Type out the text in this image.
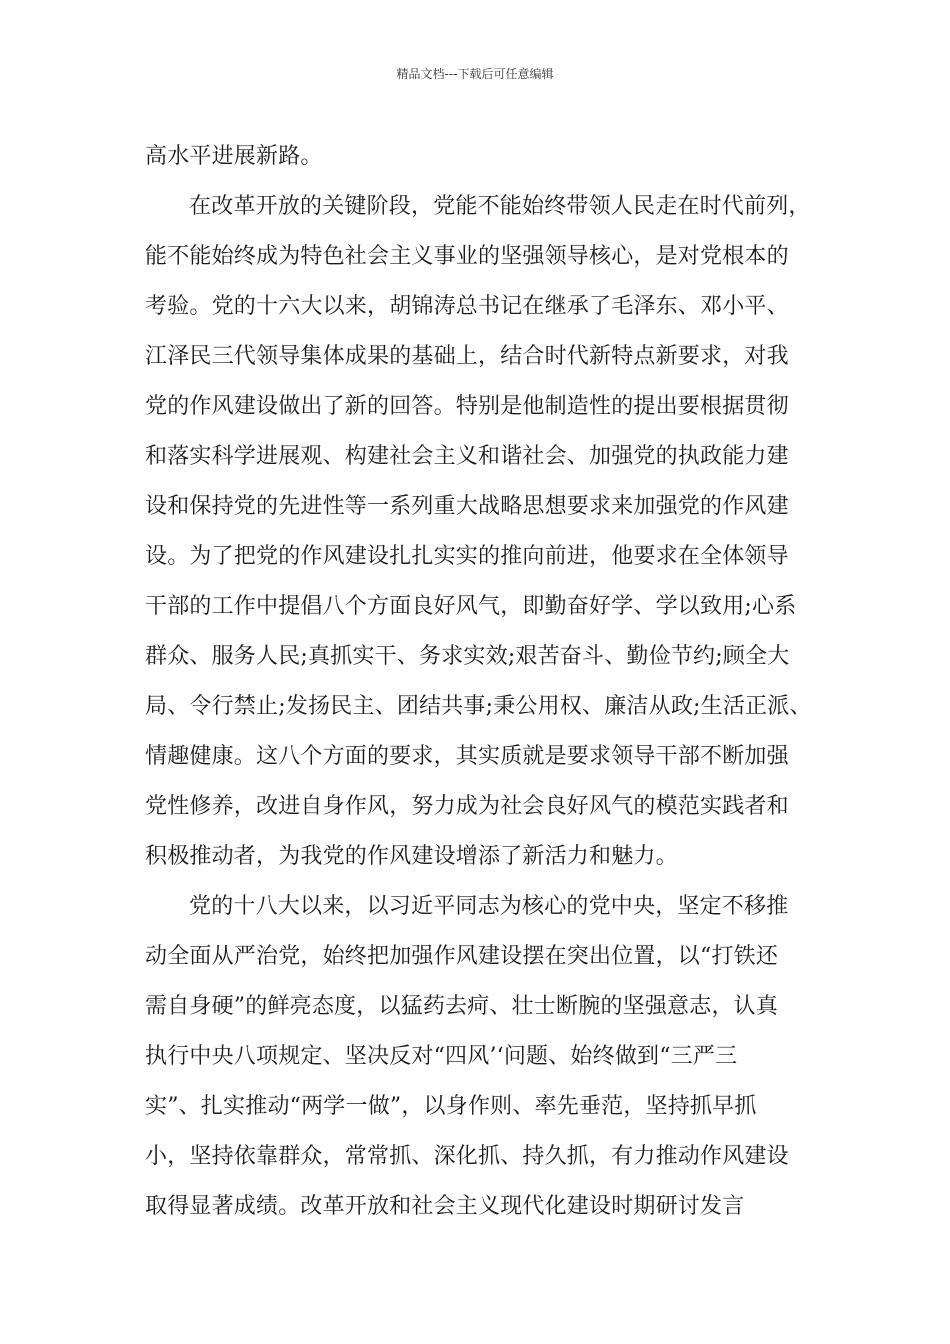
精品文档---下载后可任意编辑
高水平进展新路。
在改革开放的关键阶段，党能不能始终带领人民走在时代前列，
能不能始终成为特色社会主义事业的坚强领导核心，是对党根本的
考验。党的十六大以来，胡锦涛总书记在继承了毛泽东、邓小平、
江泽民三代领导集体成果的基础上，结合时代新特点新要求，对我
党的作风建设做出了新的回答。特别是他制造性的提出要根据贯彻
和落实科学进展观、构建社会主义和谐社会、加强党的执政能力建
设和保持党的先进性等一系列重大战略思想要求来加强党的作风建
设。为了把党的作风建设扎扎实实的推向前进，他要求在全体领导
干部的工作中提倡八个方面良好风气，即勤奋好学、学以致用;心系
群众、服务人民;真抓实干、务求实效;艰苦奋斗、勤俭节约;顾全大
局、令行禁止;发扬民主、团结共事;秉公用权、廉洁从政;生活正派、
情趣健康。这八个方面的要求，其实质就是要求领导干部不断加强
党性修养，改进自身作风，努力成为社会良好风气的模范实践者和
积极推动者，为我党的作风建设增添了新活力和魅力。
党的十八大以来，以习近平同志为核心的党中央，坚定不移推
动全面从严治党，始终把加强作风建设摆在突出位置，以“打铁还
需自身硬”的鲜亮态度，以猛药去疴、壮士断腕的坚强意志，认真
执行中央八项规定、坚决反对“四风’‘问题、始终做到“三严三
实”、扎实推动“两学一做”，以身作则、率先垂范，坚持抓早抓
小，坚持依靠群众，常常抓、深化抓、持久抓，有力推动作风建设
取得显著成绩。改革开放和社会主义现代化建设时期研讨发言
